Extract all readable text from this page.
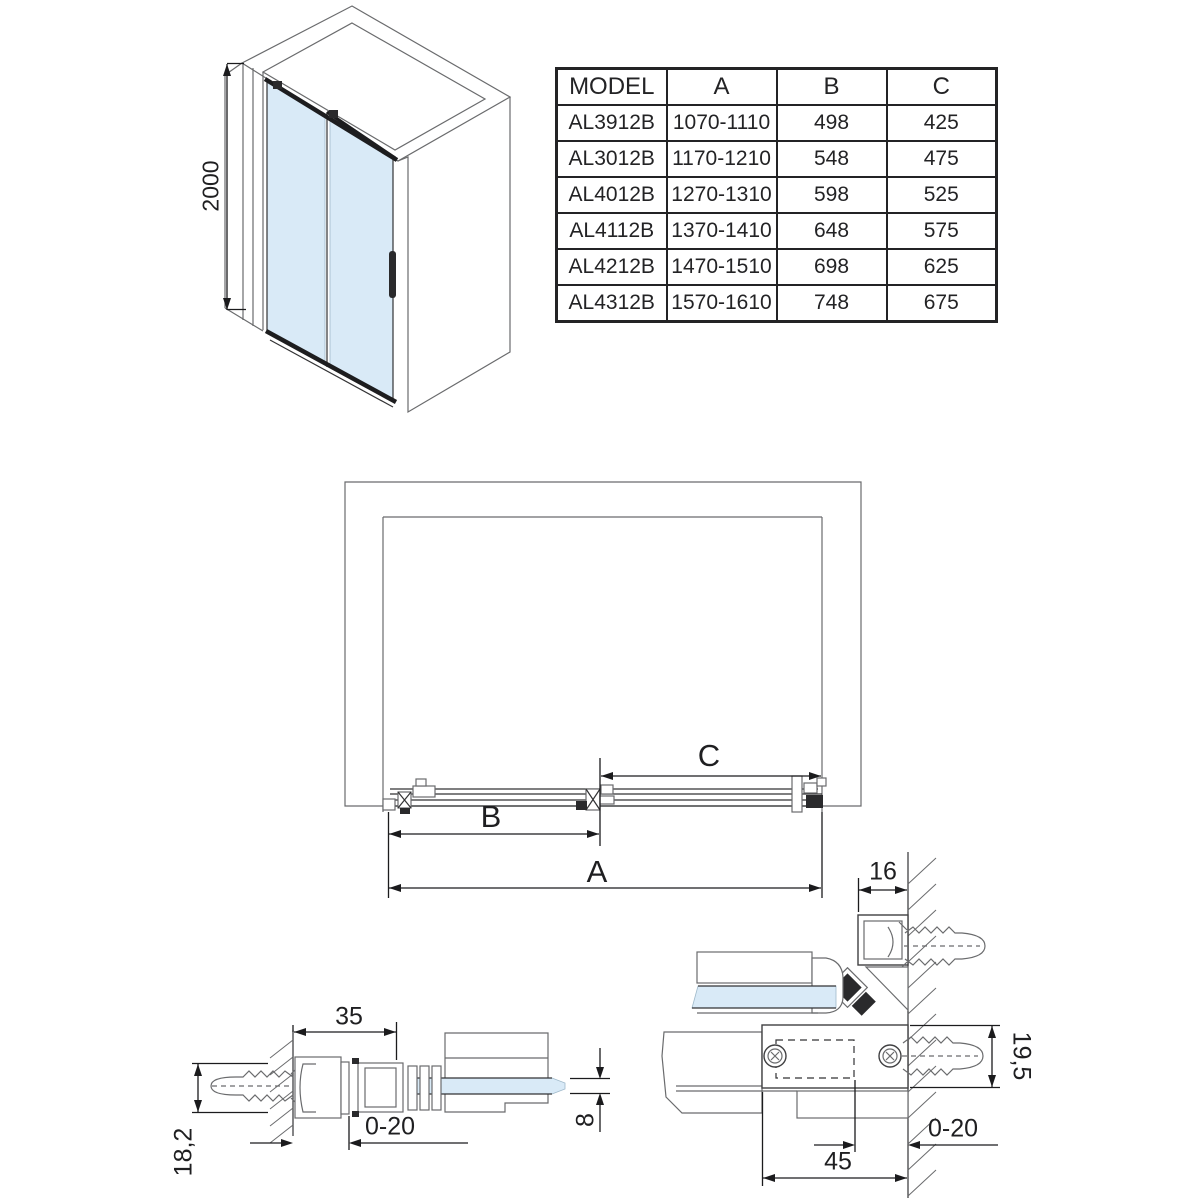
MODEL	A	B	C
AL3912B	1070-1110	498	425
AL3012B	1170-1210	548	475
AL4012B	1270-1310	598	525
AL4112B	1370-1410	648	575
AL4212B	1470-1510	698	625
AL4312B	1570-1610	748	675
2000
C
B
A
35
0-20
18,2
8
16
19,5
0-20
45
